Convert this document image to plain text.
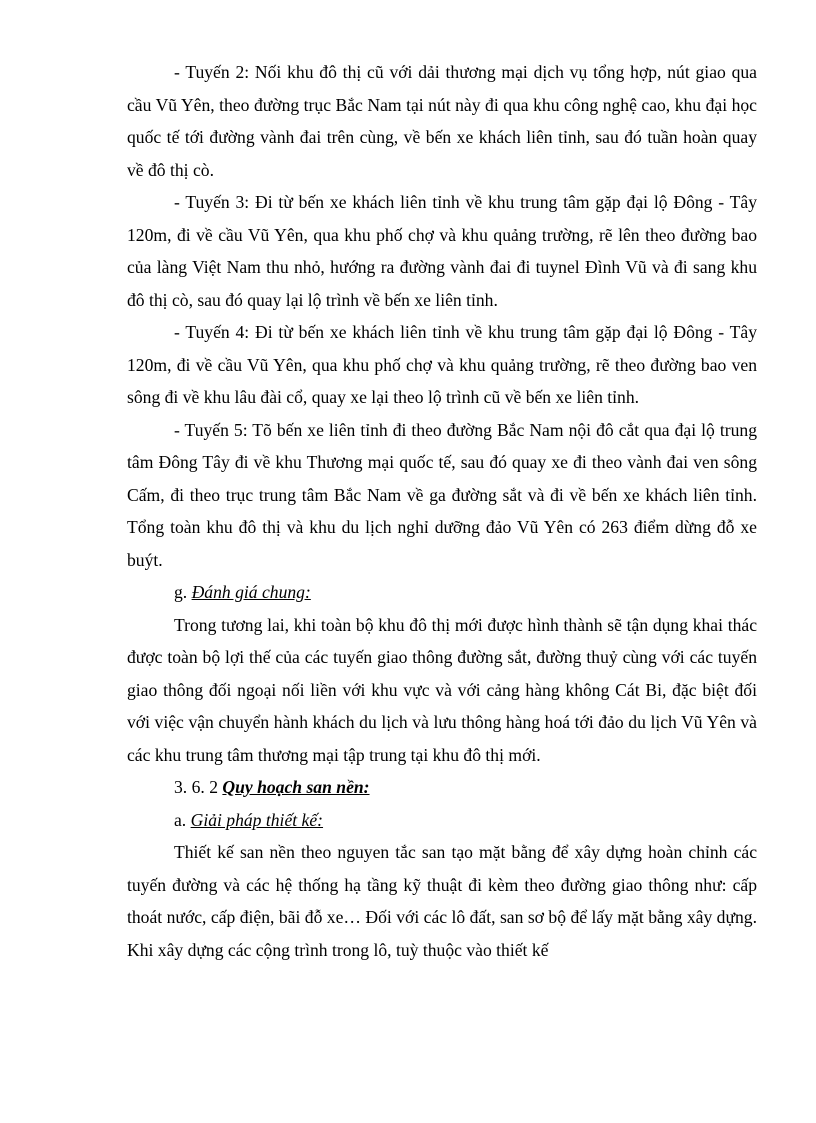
- Tuyến 2: Nối khu đô thị cũ với dải thương mại dịch vụ tổng hợp, nút giao qua cầu Vũ Yên, theo đường trục Bắc Nam tại nút này đi qua khu công nghệ cao, khu đại học quốc tế tới đường vành đai trên cùng, về bến xe khách liên tỉnh, sau đó tuần hoàn quay về đô thị cò.

- Tuyến 3: Đi từ bến xe khách liên tỉnh về khu trung tâm gặp đại lộ Đông - Tây 120m, đi về cầu Vũ Yên, qua khu phố chợ và khu quảng trường, rẽ lên theo đường bao của làng Việt Nam thu nhỏ, hướng ra đường vành đai đi tuynel Đình Vũ và đi sang khu đô thị cò, sau đó quay lại lộ trình về bến xe liên tỉnh.

- Tuyến 4: Đi từ bến xe khách liên tỉnh về khu trung tâm gặp đại lộ Đông - Tây 120m, đi về cầu Vũ Yên, qua khu phố chợ và khu quảng trường, rẽ theo đường bao ven sông đi về khu lâu đài cổ, quay xe lại theo lộ trình cũ về bến xe liên tỉnh.

- Tuyến 5: Tõ bến xe liên tỉnh đi theo đường Bắc Nam nội đô cắt qua đại lộ trung tâm Đông Tây đi về khu Thương mại quốc tế, sau đó quay xe đi theo vành đai ven sông Cấm, đi theo trục trung tâm Bắc Nam về ga đường sắt và đi về bến xe khách liên tỉnh. Tổng toàn khu đô thị và khu du lịch nghỉ dưỡng đảo Vũ Yên có 263 điểm dừng đỗ xe buýt.

g. Đánh giá chung:

Trong tương lai, khi toàn bộ khu đô thị mới được hình thành sẽ tận dụng khai thác được toàn bộ lợi thế của các tuyến giao thông đường sắt, đường thuỷ cùng với các tuyến giao thông đối ngoại nối liền với khu vực và với cảng hàng không Cát Bi, đặc biệt đối với việc vận chuyển hành khách du lịch và lưu thông hàng hoá tới đảo du lịch Vũ Yên và các khu trung tâm thương mại tập trung tại khu đô thị mới.

3. 6. 2 Quy hoạch san nền:

a. Giải pháp thiết kế:

Thiết kế san nền theo nguyen tắc san tạo mặt bằng để xây dựng hoàn chỉnh các tuyến đường và các hệ thống hạ tầng kỹ thuật đi kèm theo đường giao thông như: cấp thoát nước, cấp điện, bãi đỗ xe… Đối với các lô đất, san sơ bộ để lấy mặt bằng xây dựng. Khi xây dựng các cộng trình trong lô, tuỳ thuộc vào thiết kế
